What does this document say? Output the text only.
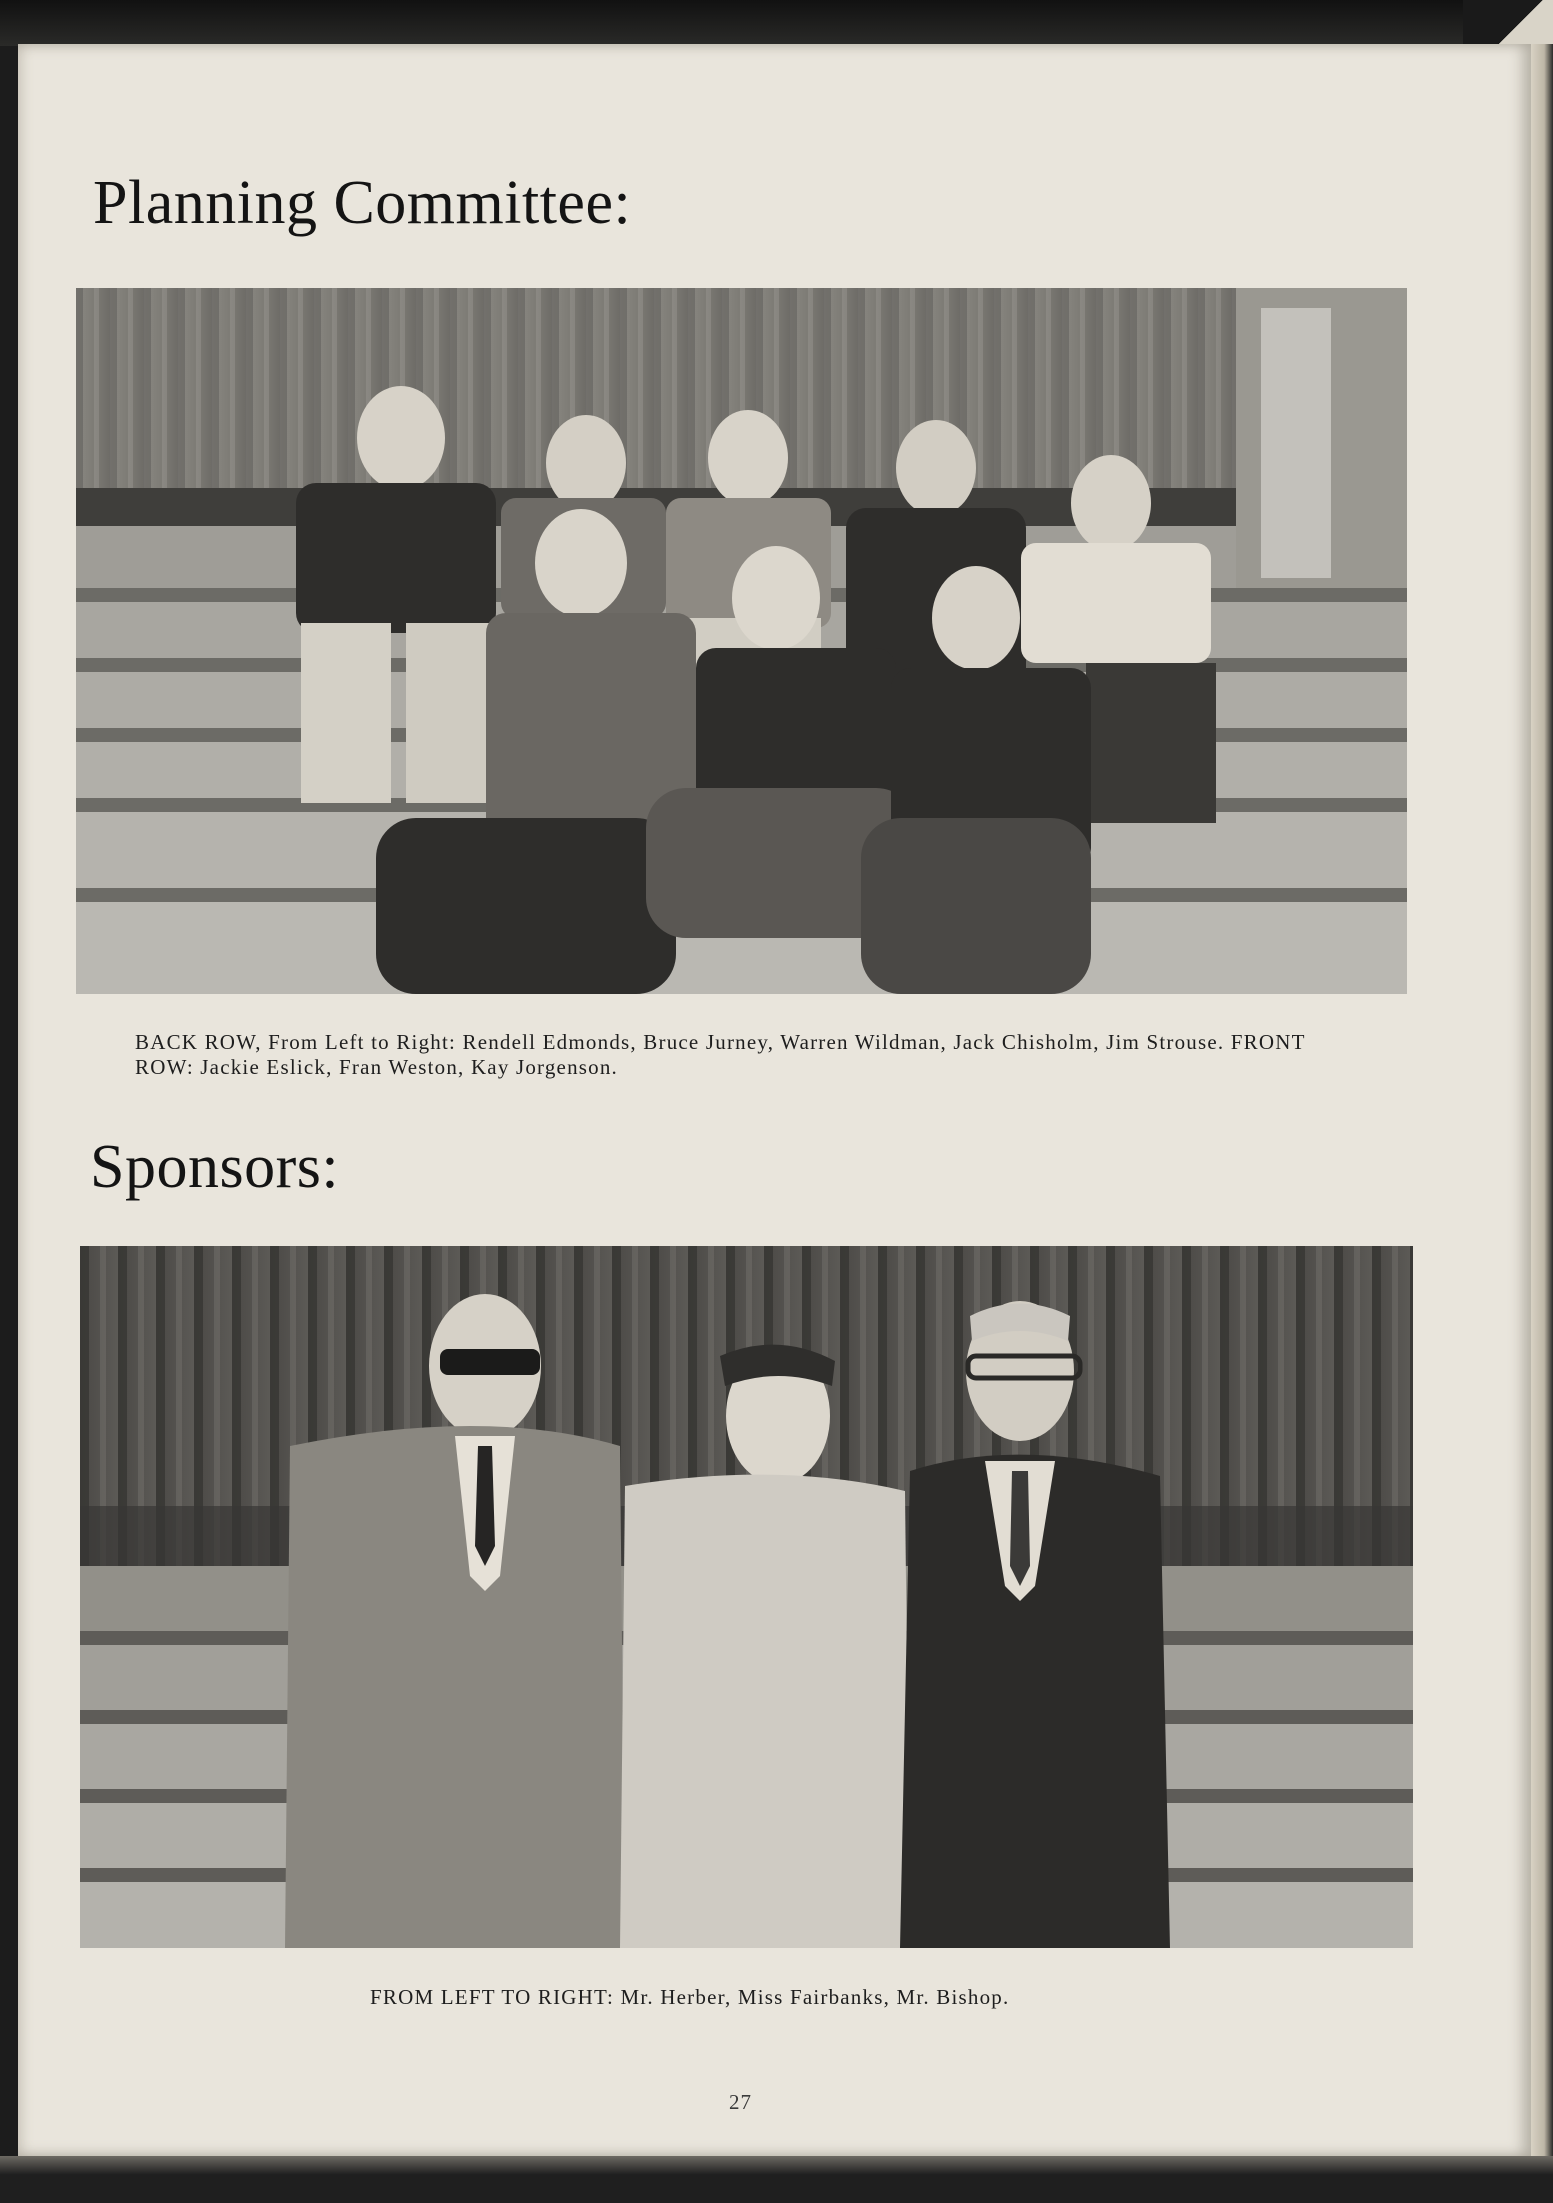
Planning Committee:

BACK ROW, From Left to Right: Rendell Edmonds, Bruce Jurney, Warren Wildman, Jack Chisholm, Jim Strouse. FRONT ROW: Jackie Eslick, Fran Weston, Kay Jorgenson.

Sponsors:

FROM LEFT TO RIGHT: Mr. Herber, Miss Fairbanks, Mr. Bishop.

27
